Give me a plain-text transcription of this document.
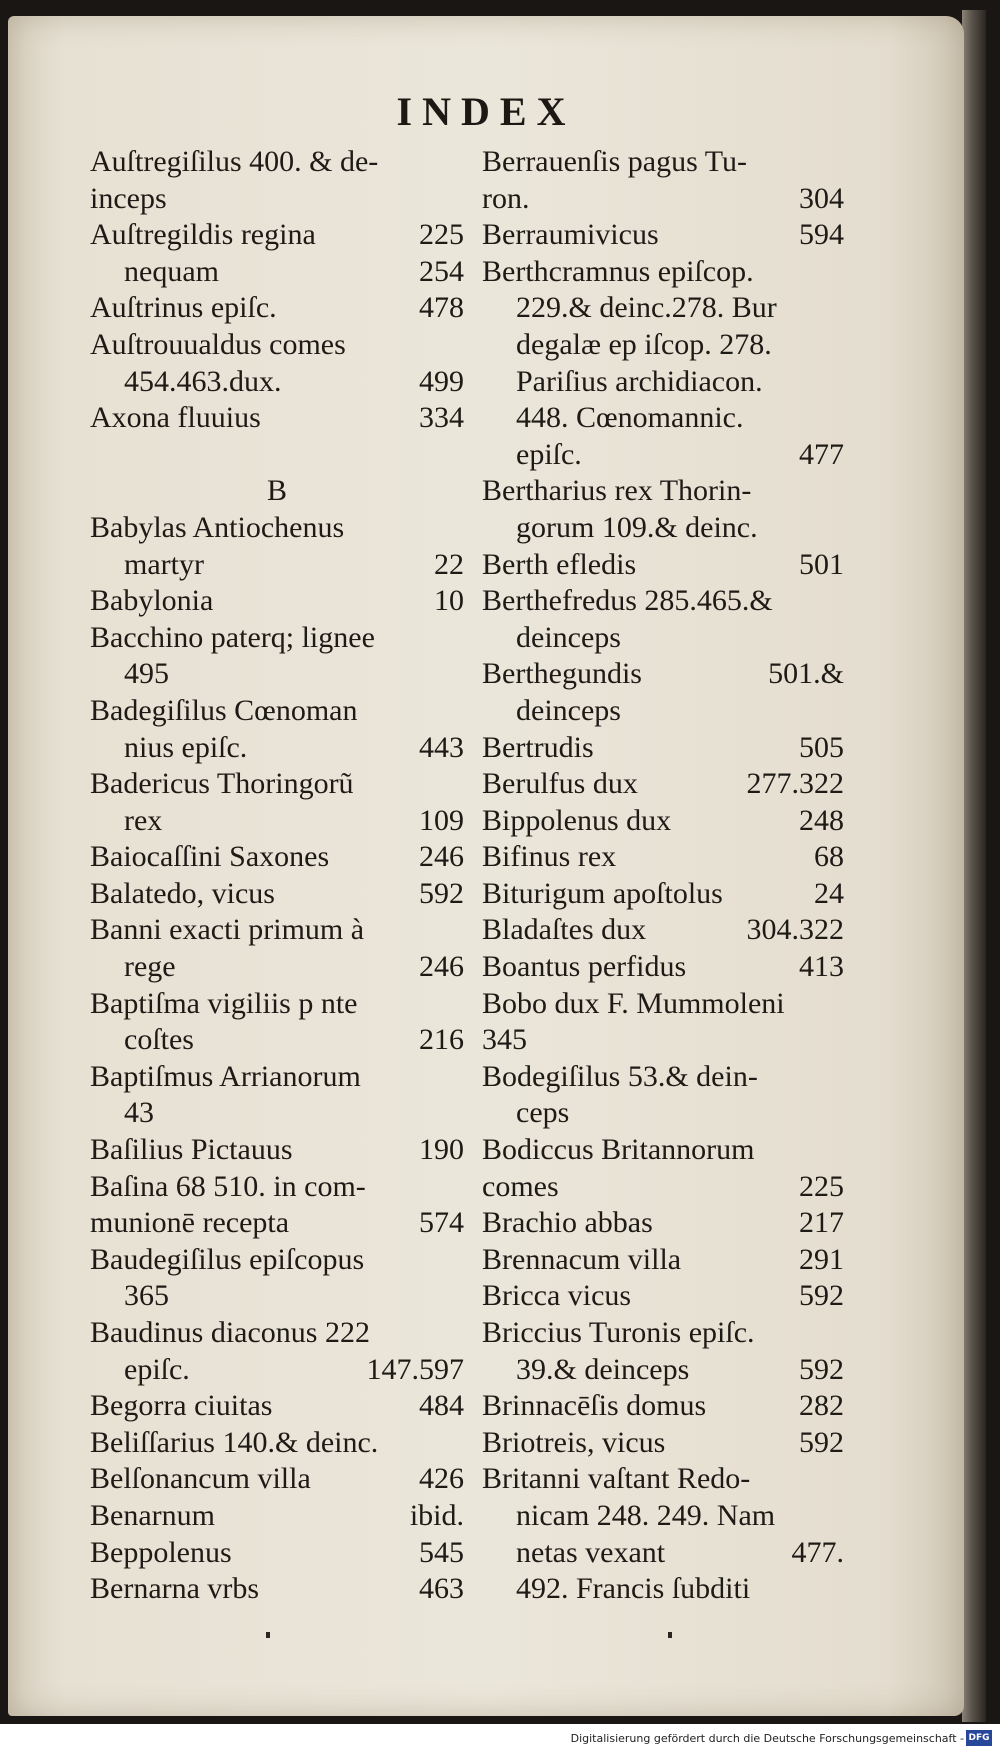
INDEX
Auſtregiſilus 400. & de-
inceps
Auſtregildis regina	225
nequam	254
Auſtrinus epiſc.	478
Auſtrouualdus comes
454.463.dux.	499
Axona fluuius	334
B
Babylas Antiochenus
martyr	22
Babylonia	10
Bacchino paterq; lignee
495
Badegiſilus Cœnoman
nius epiſc.	443
Badericus Thoringorũ
rex	109
Baiocaſſini Saxones	246
Balatedo, vicus	592
Banni exacti primum à
rege	246
Baptiſma vigiliis p nte
coſtes	216
Baptiſmus Arrianorum
43
Baſilius Pictauus	190
Baſina 68 510. in com-
munionē recepta	574
Baudegiſilus epiſcopus
365
Baudinus diaconus 222
epiſc.	147.597
Begorra ciuitas	484
Beliſſarius 140.& deinc.
Belſonancum villa	426
Benarnum	ibid.
Beppolenus	545
Bernarna vrbs	463
Berrauenſis pagus Tu-
ron.	304
Berraumivicus	594
Berthcramnus epiſcop.
229.& deinc.278. Bur
degalæ ep iſcop. 278.
Pariſius archidiacon.
448. Cœnomannic.
epiſc.	477
Bertharius rex Thorin-
gorum 109.& deinc.
Berth efledis	501
Berthefredus 285.465.&
deinceps
Berthegundis	501.&
deinceps
Bertrudis	505
Berulfus dux	277.322
Bippolenus dux	248
Bifinus rex	68
Biturigum apoſtolus	24
Bladaſtes dux	304.322
Boantus perfidus	413
Bobo dux F. Mummoleni
345
Bodegiſilus 53.& dein-
ceps
Bodiccus Britannorum
comes	225
Brachio abbas	217
Brennacum villa	291
Bricca vicus	592
Briccius Turonis epiſc.
39.& deinceps	592
Brinnacēſis domus	282
Briotreis, vicus	592
Britanni vaſtant Redo-
nicam 248. 249. Nam
netas vexant	477.
492. Francis ſubditi
Digitalisierung gefördert durch die Deutsche Forschungsgemeinschaft - DFG
